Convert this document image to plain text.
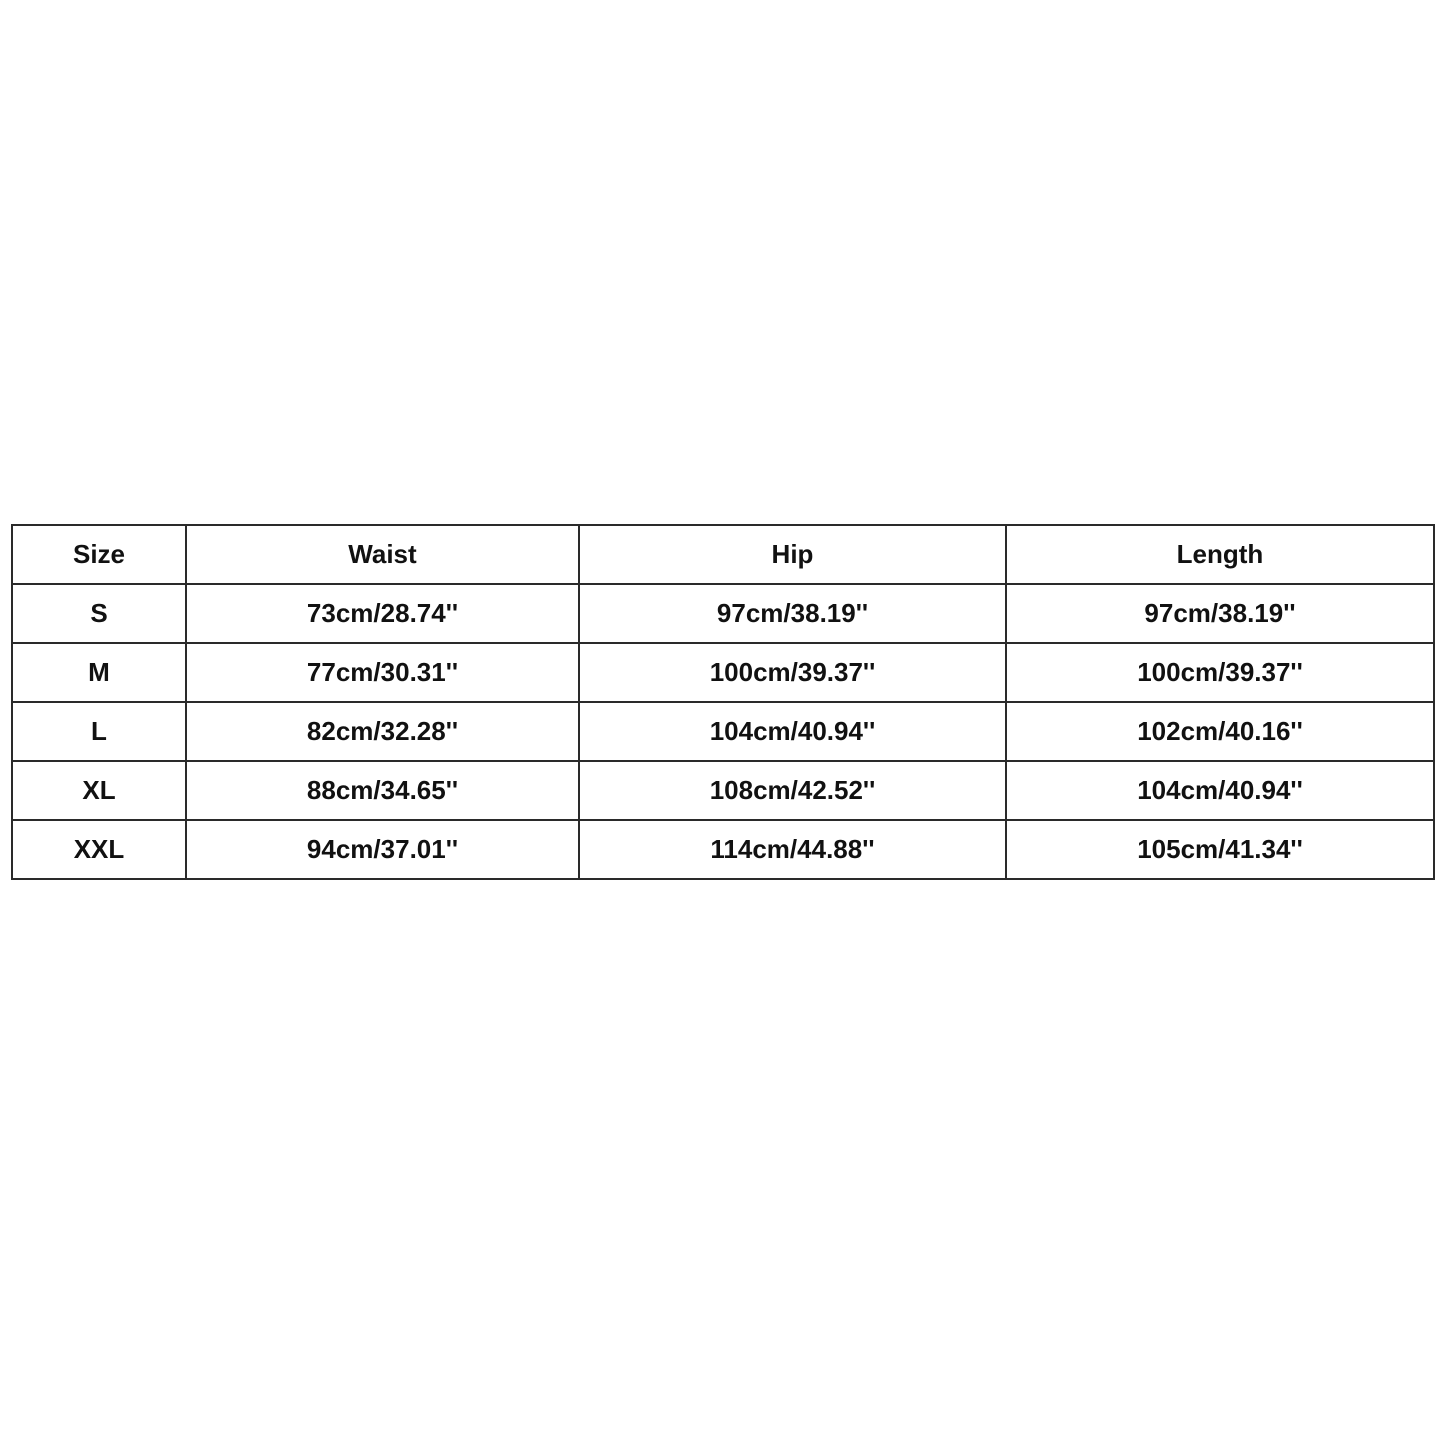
Size	Waist	Hip	Length
S	73cm/28.74''	97cm/38.19''	97cm/38.19''
M	77cm/30.31''	100cm/39.37''	100cm/39.37''
L	82cm/32.28''	104cm/40.94''	102cm/40.16''
XL	88cm/34.65''	108cm/42.52''	104cm/40.94''
XXL	94cm/37.01''	114cm/44.88''	105cm/41.34''
